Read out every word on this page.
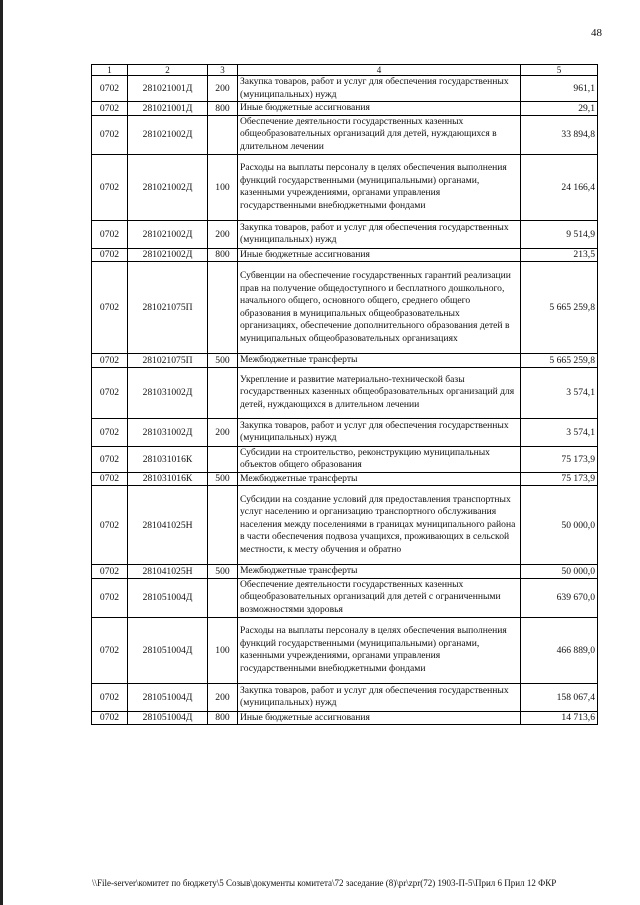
48
1	2	3	4	5
0702	281021001Д	200	Закупка товаров, работ и услуг для обеспечения государственных (муниципальных) нужд	961,1
0702	281021001Д	800	Иные бюджетные ассигнования	29,1
0702	281021002Д		Обеспечение деятельности государственных казенных общеобразовательных организаций для детей, нуждающихся в длительном лечении	33 894,8
0702	281021002Д	100	Расходы на выплаты персоналу в целях обеспечения выполнения функций государственными (муниципальными) органами, казенными учреждениями, органами управления государственными внебюджетными фондами	24 166,4
0702	281021002Д	200	Закупка товаров, работ и услуг для обеспечения государственных (муниципальных) нужд	9 514,9
0702	281021002Д	800	Иные бюджетные ассигнования	213,5
0702	281021075П		Субвенции на обеспечение государственных гарантий реализации прав на получение общедоступного и бесплатного дошкольного, начального общего, основного общего, среднего общего образования в муниципальных общеобразовательных организациях, обеспечение дополнительного образования детей в муниципальных общеобразовательных организациях	5 665 259,8
0702	281021075П	500	Межбюджетные трансферты	5 665 259,8
0702	281031002Д		Укрепление и развитие материально-технической базы государственных казенных общеобразовательных организаций для детей, нуждающихся в длительном лечении	3 574,1
0702	281031002Д	200	Закупка товаров, работ и услуг для обеспечения государственных (муниципальных) нужд	3 574,1
0702	281031016К		Субсидии на строительство, реконструкцию муниципальных объектов общего образования	75 173,9
0702	281031016К	500	Межбюджетные трансферты	75 173,9
0702	281041025Н		Субсидии на создание условий для предоставления транспортных услуг населению и организацию транспортного обслуживания населения между поселениями в границах муниципального района в части обеспечения подвоза учащихся, проживающих в сельской местности, к месту обучения и обратно	50 000,0
0702	281041025Н	500	Межбюджетные трансферты	50 000,0
0702	281051004Д		Обеспечение деятельности государственных казенных общеобразовательных организаций для детей с ограниченными возможностями здоровья	639 670,0
0702	281051004Д	100	Расходы на выплаты персоналу в целях обеспечения выполнения функций государственными (муниципальными) органами, казенными учреждениями, органами управления государственными внебюджетными фондами	466 889,0
0702	281051004Д	200	Закупка товаров, работ и услуг для обеспечения государственных (муниципальных) нужд	158 067,4
0702	281051004Д	800	Иные бюджетные ассигнования	14 713,6
\\File-server\комитет по бюджету\5 Созыв\документы комитета\72 заседание (8)\pr\zpr(72) 1903-П-5\Прил 6 Прил 12 ФКР
